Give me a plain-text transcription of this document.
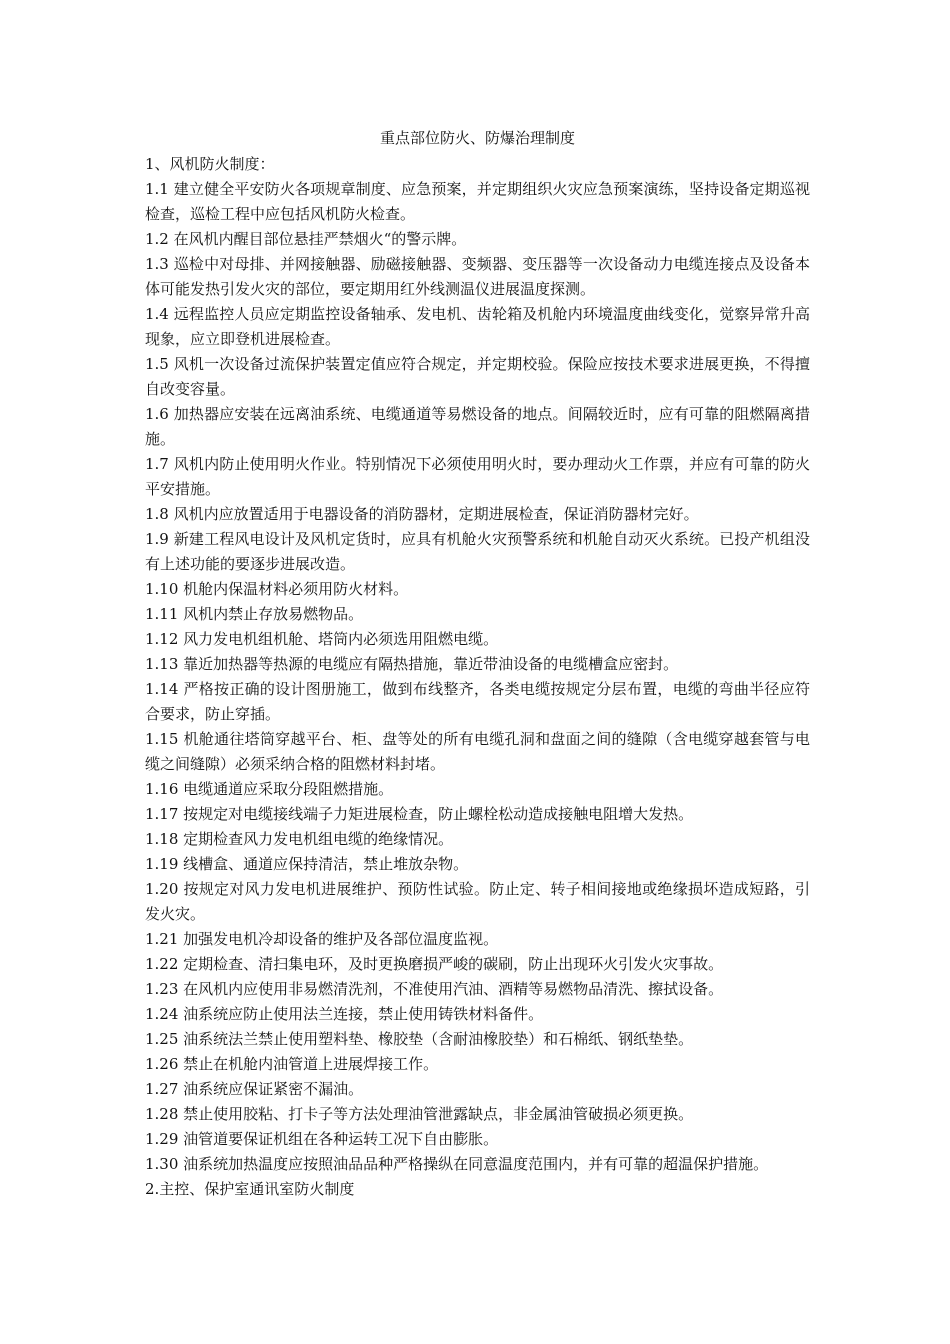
重点部位防火、防爆治理制度

1、风机防火制度：

1.1 建立健全平安防火各项规章制度、应急预案，并定期组织火灾应急预案演练，坚持设备定期巡视检查，巡检工程中应包括风机防火检查。

1.2 在风机内醒目部位悬挂严禁烟火“的警示牌。

1.3 巡检中对母排、并网接触器、励磁接触器、变频器、变压器等一次设备动力电缆连接点及设备本体可能发热引发火灾的部位，要定期用红外线测温仪进展温度探测。

1.4 远程监控人员应定期监控设备轴承、发电机、齿轮箱及机舱内环境温度曲线变化，觉察异常升高现象，应立即登机进展检查。

1.5 风机一次设备过流保护装置定值应符合规定，并定期校验。保险应按技术要求进展更换，不得擅自改变容量。

1.6 加热器应安装在远离油系统、电缆通道等易燃设备的地点。间隔较近时，应有可靠的阻燃隔离措施。

1.7 风机内防止使用明火作业。特别情况下必须使用明火时，要办理动火工作票，并应有可靠的防火平安措施。

1.8 风机内应放置适用于电器设备的消防器材，定期进展检查，保证消防器材完好。

1.9 新建工程风电设计及风机定货时，应具有机舱火灾预警系统和机舱自动灭火系统。已投产机组没有上述功能的要逐步进展改造。

1.10 机舱内保温材料必须用防火材料。

1.11 风机内禁止存放易燃物品。

1.12 风力发电机组机舱、塔筒内必须选用阻燃电缆。

1.13 靠近加热器等热源的电缆应有隔热措施，靠近带油设备的电缆槽盒应密封。

1.14 严格按正确的设计图册施工，做到布线整齐，各类电缆按规定分层布置，电缆的弯曲半径应符合要求，防止穿插。

1.15 机舱通往塔筒穿越平台、柜、盘等处的所有电缆孔洞和盘面之间的缝隙（含电缆穿越套管与电缆之间缝隙）必须采纳合格的阻燃材料封堵。

1.16 电缆通道应采取分段阻燃措施。

1.17 按规定对电缆接线端子力矩进展检查，防止螺栓松动造成接触电阻增大发热。

1.18 定期检查风力发电机组电缆的绝缘情况。

1.19 线槽盒、通道应保持清洁，禁止堆放杂物。

1.20 按规定对风力发电机进展维护、预防性试验。防止定、转子相间接地或绝缘损坏造成短路，引发火灾。

1.21 加强发电机冷却设备的维护及各部位温度监视。

1.22 定期检查、清扫集电环，及时更换磨损严峻的碳刷，防止出现环火引发火灾事故。

1.23 在风机内应使用非易燃清洗剂，不准使用汽油、酒精等易燃物品清洗、擦拭设备。

1.24 油系统应防止使用法兰连接，禁止使用铸铁材料备件。

1.25 油系统法兰禁止使用塑料垫、橡胶垫（含耐油橡胶垫）和石棉纸、钢纸垫垫。

1.26 禁止在机舱内油管道上进展焊接工作。

1.27 油系统应保证紧密不漏油。

1.28 禁止使用胶粘、打卡子等方法处理油管泄露缺点，非金属油管破损必须更换。

1.29 油管道要保证机组在各种运转工况下自由膨胀。

1.30 油系统加热温度应按照油品品种严格操纵在同意温度范围内，并有可靠的超温保护措施。

2.主控、保护室通讯室防火制度
